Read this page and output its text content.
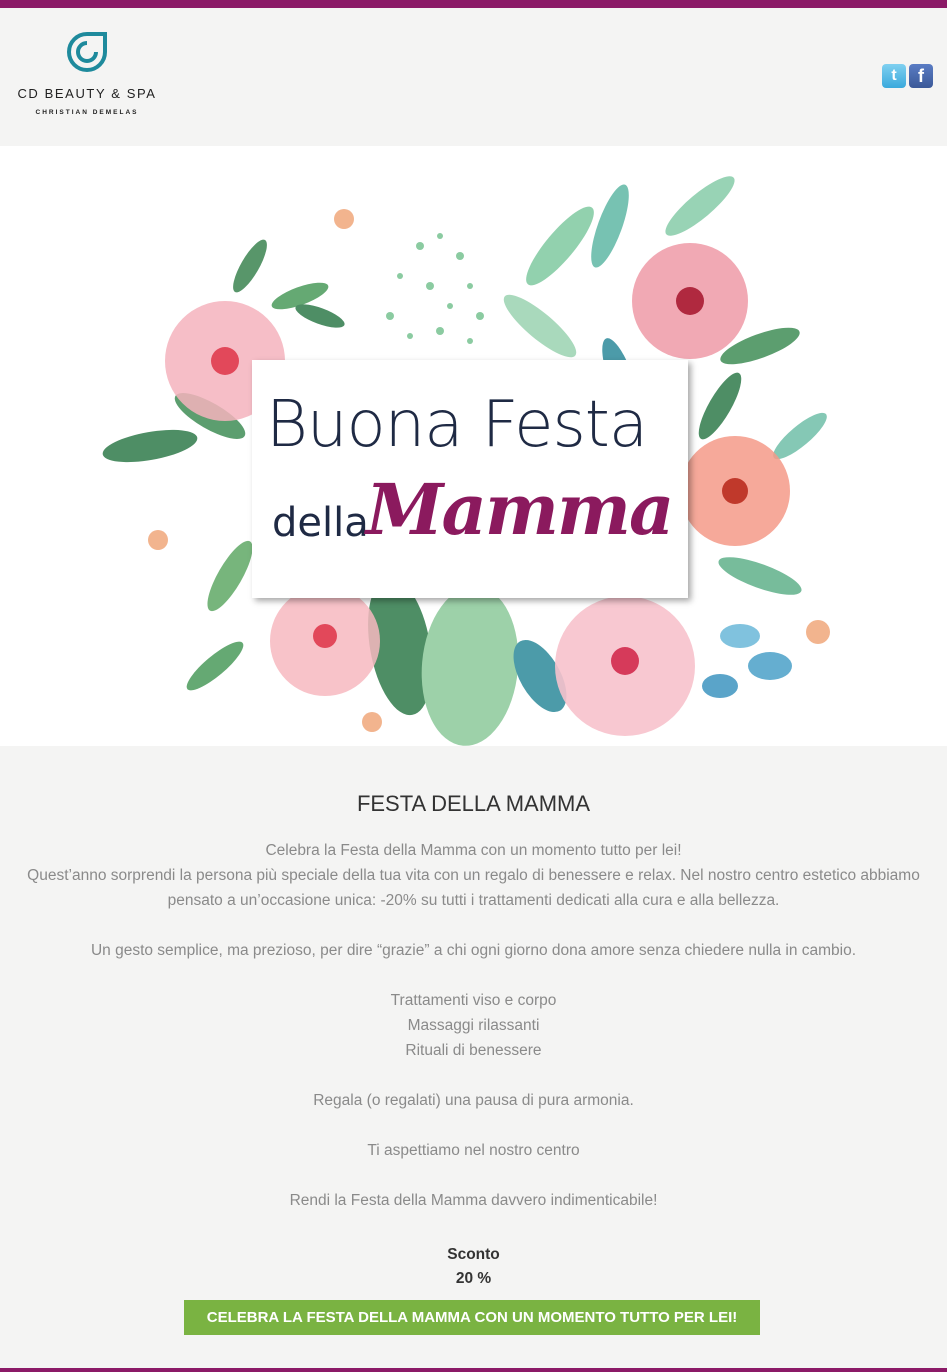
CD BEAUTY & SPA
CHRISTIAN DEMELAS
t f
Buona Festa
della
Mamma
FESTA DELLA MAMMA
Celebra la Festa della Mamma con un momento tutto per lei!
Quest’anno sorprendi la persona più speciale della tua vita con un regalo di benessere e relax. Nel nostro centro estetico abbiamo
pensato a un’occasione unica: -20% su tutti i trattamenti dedicati alla cura e alla bellezza.
Un gesto semplice, ma prezioso, per dire “grazie” a chi ogni giorno dona amore senza chiedere nulla in cambio.
Trattamenti viso e corpo
Massaggi rilassanti
Rituali di benessere
Regala (o regalati) una pausa di pura armonia.
Ti aspettiamo nel nostro centro
Rendi la Festa della Mamma davvero indimenticabile!
Sconto
20 %
CELEBRA LA FESTA DELLA MAMMA CON UN MOMENTO TUTTO PER LEI!
